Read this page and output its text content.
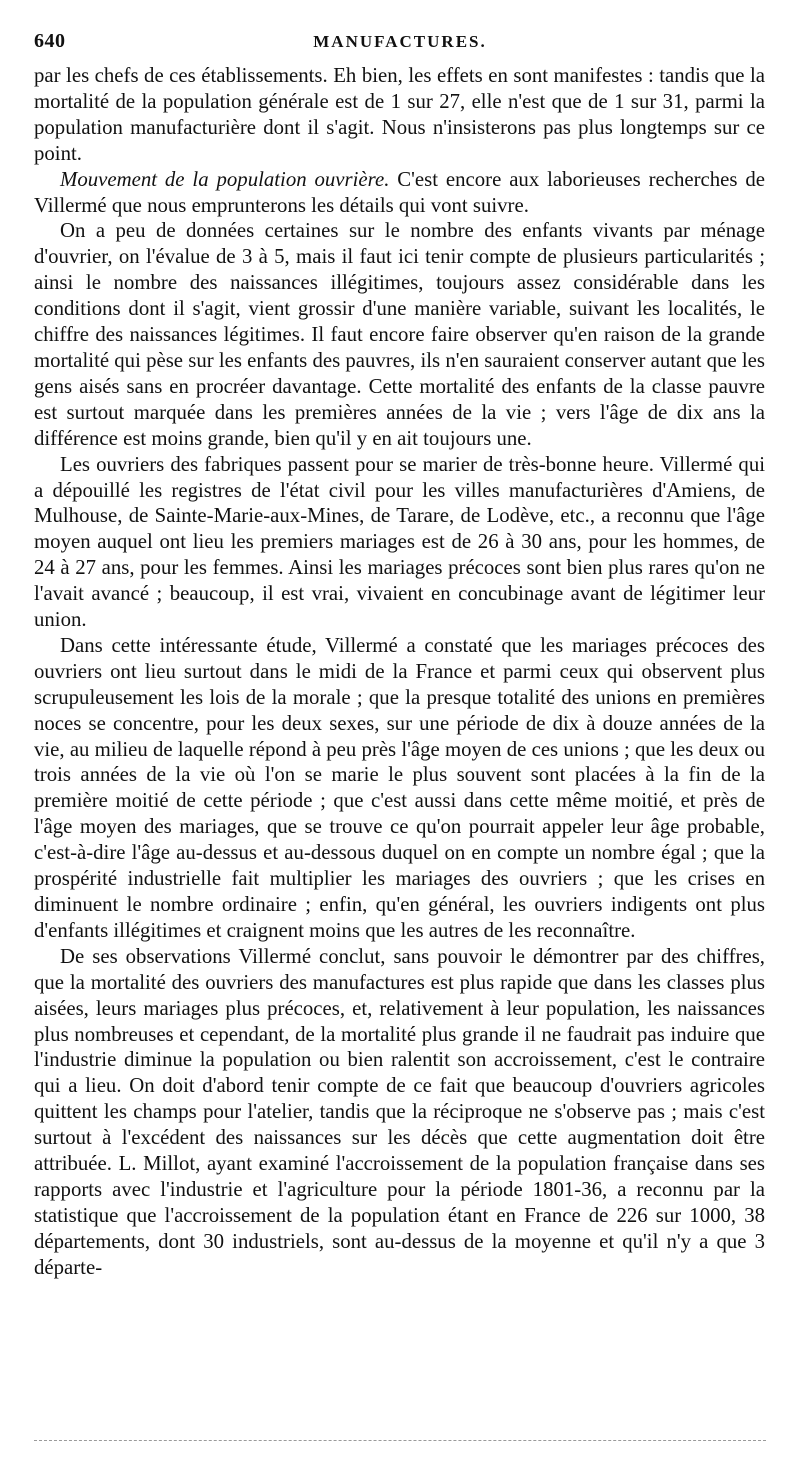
640	MANUFACTURES.

par les chefs de ces établissements. Eh bien, les effets en sont manifestes : tandis que la mortalité de la population générale est de 1 sur 27, elle n'est que de 1 sur 31, parmi la population manufacturière dont il s'agit. Nous n'insisterons pas plus longtemps sur ce point.

Mouvement de la population ouvrière. C'est encore aux laborieuses recherches de Villermé que nous emprunterons les détails qui vont suivre.

On a peu de données certaines sur le nombre des enfants vivants par ménage d'ouvrier, on l'évalue de 3 à 5, mais il faut ici tenir compte de plusieurs particularités ; ainsi le nombre des naissances illégitimes, toujours assez considérable dans les conditions dont il s'agit, vient grossir d'une manière variable, suivant les localités, le chiffre des naissances légitimes. Il faut encore faire observer qu'en raison de la grande mortalité qui pèse sur les enfants des pauvres, ils n'en sauraient conserver autant que les gens aisés sans en procréer davantage. Cette mortalité des enfants de la classe pauvre est surtout marquée dans les premières années de la vie ; vers l'âge de dix ans la différence est moins grande, bien qu'il y en ait toujours une.

Les ouvriers des fabriques passent pour se marier de très-bonne heure. Villermé qui a dépouillé les registres de l'état civil pour les villes manufacturières d'Amiens, de Mulhouse, de Sainte-Marie-aux-Mines, de Tarare, de Lodève, etc., a reconnu que l'âge moyen auquel ont lieu les premiers mariages est de 26 à 30 ans, pour les hommes, de 24 à 27 ans, pour les femmes. Ainsi les mariages précoces sont bien plus rares qu'on ne l'avait avancé ; beaucoup, il est vrai, vivaient en concubinage avant de légitimer leur union.

Dans cette intéressante étude, Villermé a constaté que les mariages précoces des ouvriers ont lieu surtout dans le midi de la France et parmi ceux qui observent plus scrupuleusement les lois de la morale ; que la presque totalité des unions en premières noces se concentre, pour les deux sexes, sur une période de dix à douze années de la vie, au milieu de laquelle répond à peu près l'âge moyen de ces unions ; que les deux ou trois années de la vie où l'on se marie le plus souvent sont placées à la fin de la première moitié de cette période ; que c'est aussi dans cette même moitié, et près de l'âge moyen des mariages, que se trouve ce qu'on pourrait appeler leur âge probable, c'est-à-dire l'âge au-dessus et au-dessous duquel on en compte un nombre égal ; que la prospérité industrielle fait multiplier les mariages des ouvriers ; que les crises en diminuent le nombre ordinaire ; enfin, qu'en général, les ouvriers indigents ont plus d'enfants illégitimes et craignent moins que les autres de les reconnaître.

De ses observations Villermé conclut, sans pouvoir le démontrer par des chiffres, que la mortalité des ouvriers des manufactures est plus rapide que dans les classes plus aisées, leurs mariages plus précoces, et, relativement à leur population, les naissances plus nombreuses et cependant, de la mortalité plus grande il ne faudrait pas induire que l'industrie diminue la population ou bien ralentit son accroissement, c'est le contraire qui a lieu. On doit d'abord tenir compte de ce fait que beaucoup d'ouvriers agricoles quittent les champs pour l'atelier, tandis que la réciproque ne s'observe pas ; mais c'est surtout à l'excédent des naissances sur les décès que cette augmentation doit être attribuée. L. Millot, ayant examiné l'accroissement de la population française dans ses rapports avec l'industrie et l'agriculture pour la période 1801-36, a reconnu par la statistique que l'accroissement de la population étant en France de 226 sur 1000, 38 départements, dont 30 industriels, sont au-dessus de la moyenne et qu'il n'y a que 3 départe-
